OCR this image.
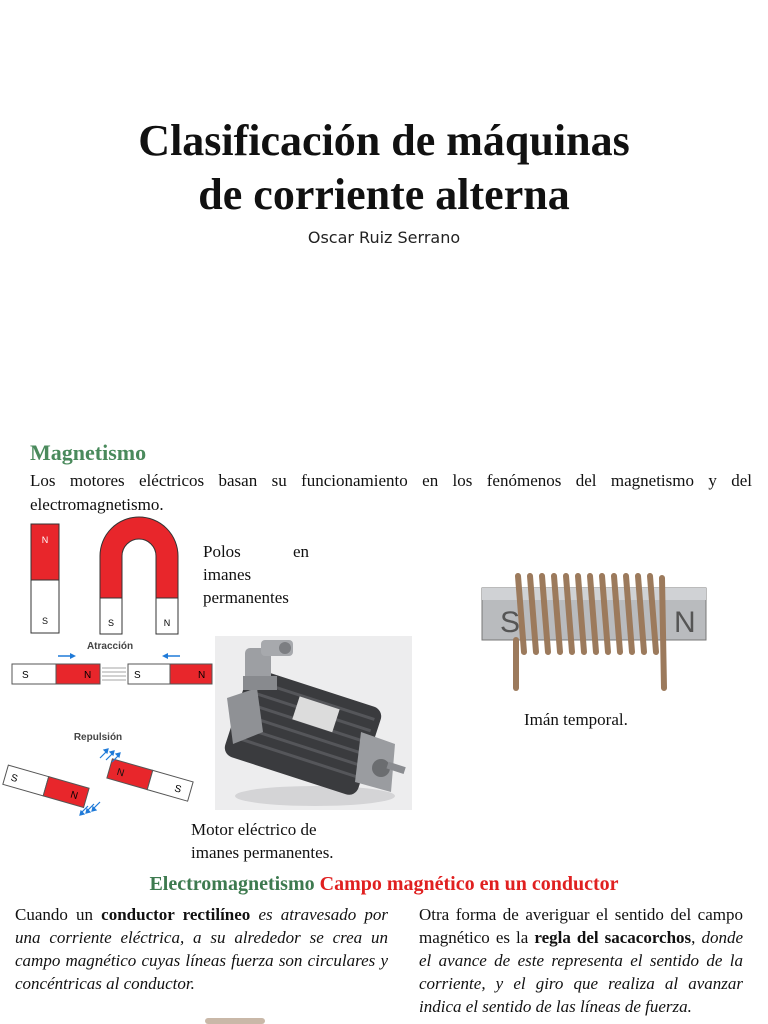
Clasificación de máquinas
de corriente alterna
Oscar Ruiz Serrano
Magnetismo
Los motores eléctricos basan su funcionamiento en los fenómenos del magnetismo y del electromagnetismo.
N
S	S	N
Polos	en
imanes
permanentes
Atracción
S	N	S	N
Repulsión
S
N
N
S
Motor eléctrico de
imanes permanentes.
S	N
Imán temporal.
Electromagnetismo Campo magnético en un conductor
Cuando un conductor rectilíneo es atravesado por una corriente eléctrica, a su alrededor se crea un campo magnético cuyas líneas fuerza son circulares y concéntricas al conductor.
Otra forma de averiguar el sentido del campo magnético es la regla del sacacorchos, donde el avance de este representa el sentido de la corriente, y el giro que realiza al avanzar indica el sentido de las líneas de fuerza.
